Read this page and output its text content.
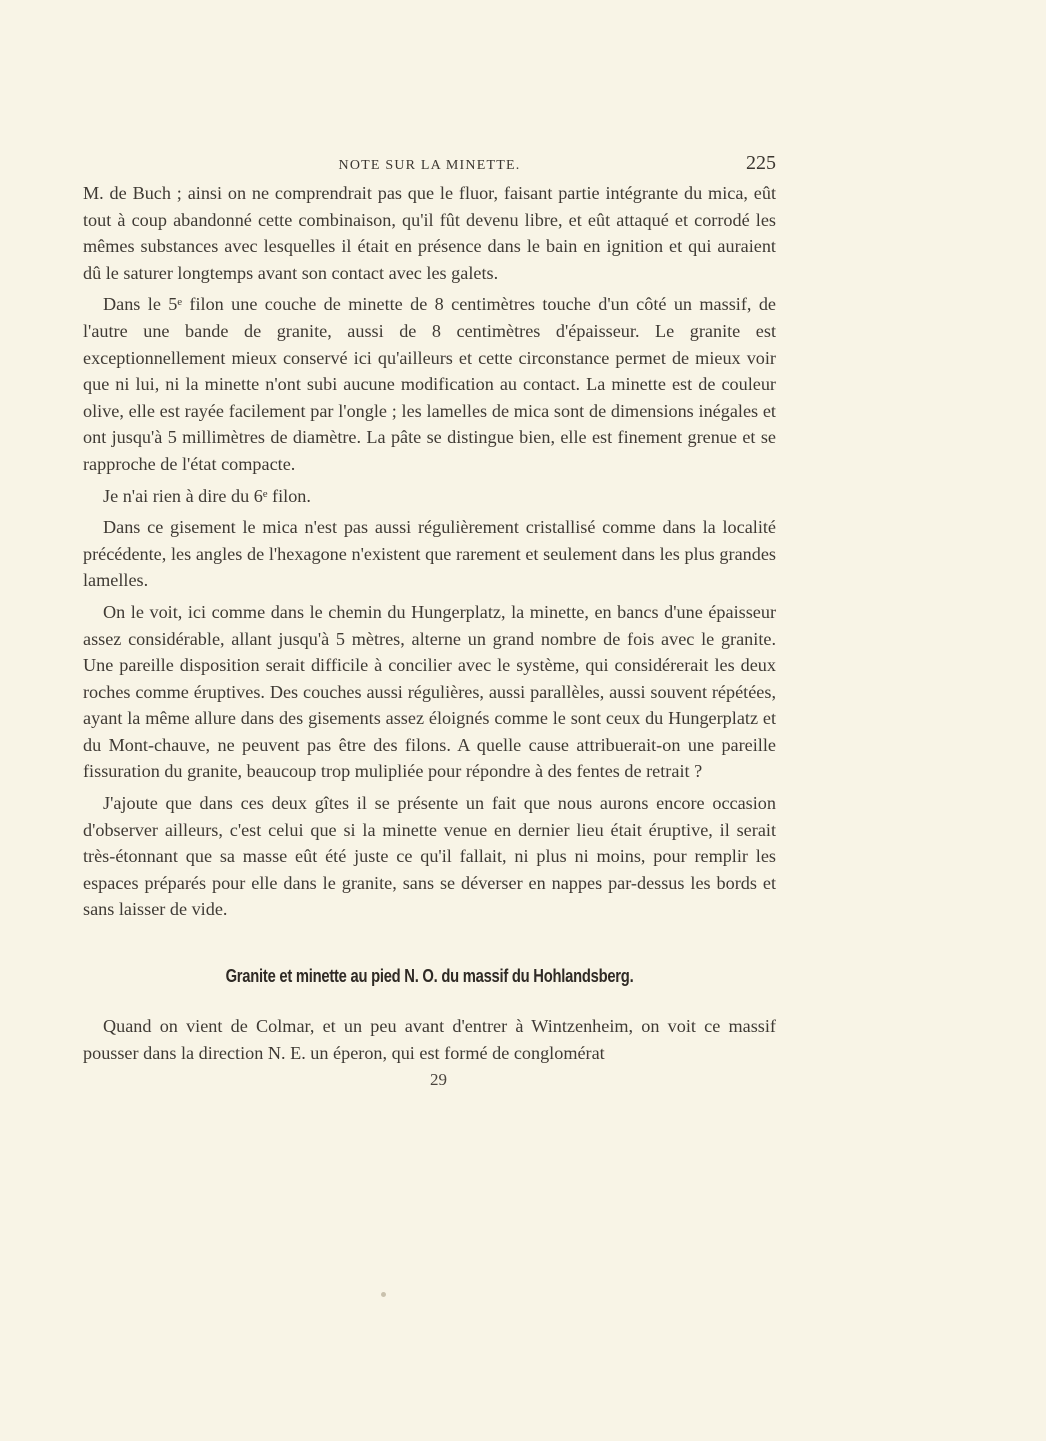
NOTE SUR LA MINETTE.	225

M. de Buch ; ainsi on ne comprendrait pas que le fluor, faisant partie intégrante du mica, eût tout à coup abandonné cette combinaison, qu'il fût devenu libre, et eût attaqué et corrodé les mêmes substances avec lesquelles il était en présence dans le bain en ignition et qui auraient dû le saturer longtemps avant son contact avec les galets.

Dans le 5ᵉ filon une couche de minette de 8 centimètres touche d'un côté un massif, de l'autre une bande de granite, aussi de 8 centimètres d'épaisseur. Le granite est exceptionnellement mieux conservé ici qu'ailleurs et cette circonstance permet de mieux voir que ni lui, ni la minette n'ont subi aucune modification au contact. La minette est de couleur olive, elle est rayée facilement par l'ongle ; les lamelles de mica sont de dimensions inégales et ont jusqu'à 5 millimètres de diamètre. La pâte se distingue bien, elle est finement grenue et se rapproche de l'état compacte.

Je n'ai rien à dire du 6ᵉ filon.

Dans ce gisement le mica n'est pas aussi régulièrement cristallisé comme dans la localité précédente, les angles de l'hexagone n'existent que rarement et seulement dans les plus grandes lamelles.

On le voit, ici comme dans le chemin du Hungerplatz, la minette, en bancs d'une épaisseur assez considérable, allant jusqu'à 5 mètres, alterne un grand nombre de fois avec le granite. Une pareille disposition serait difficile à concilier avec le système, qui considérerait les deux roches comme éruptives. Des couches aussi régulières, aussi parallèles, aussi souvent répétées, ayant la même allure dans des gisements assez éloignés comme le sont ceux du Hungerplatz et du Mont-chauve, ne peuvent pas être des filons. A quelle cause attribuerait-on une pareille fissuration du granite, beaucoup trop mulipliée pour répondre à des fentes de retrait ?

J'ajoute que dans ces deux gîtes il se présente un fait que nous aurons encore occasion d'observer ailleurs, c'est celui que si la minette venue en dernier lieu était éruptive, il serait très-étonnant que sa masse eût été juste ce qu'il fallait, ni plus ni moins, pour remplir les espaces préparés pour elle dans le granite, sans se déverser en nappes par-dessus les bords et sans laisser de vide.

Granite et minette au pied N. O. du massif du Hohlandsberg.

Quand on vient de Colmar, et un peu avant d'entrer à Wintzenheim, on voit ce massif pousser dans la direction N. E. un éperon, qui est formé de conglomérat

29
